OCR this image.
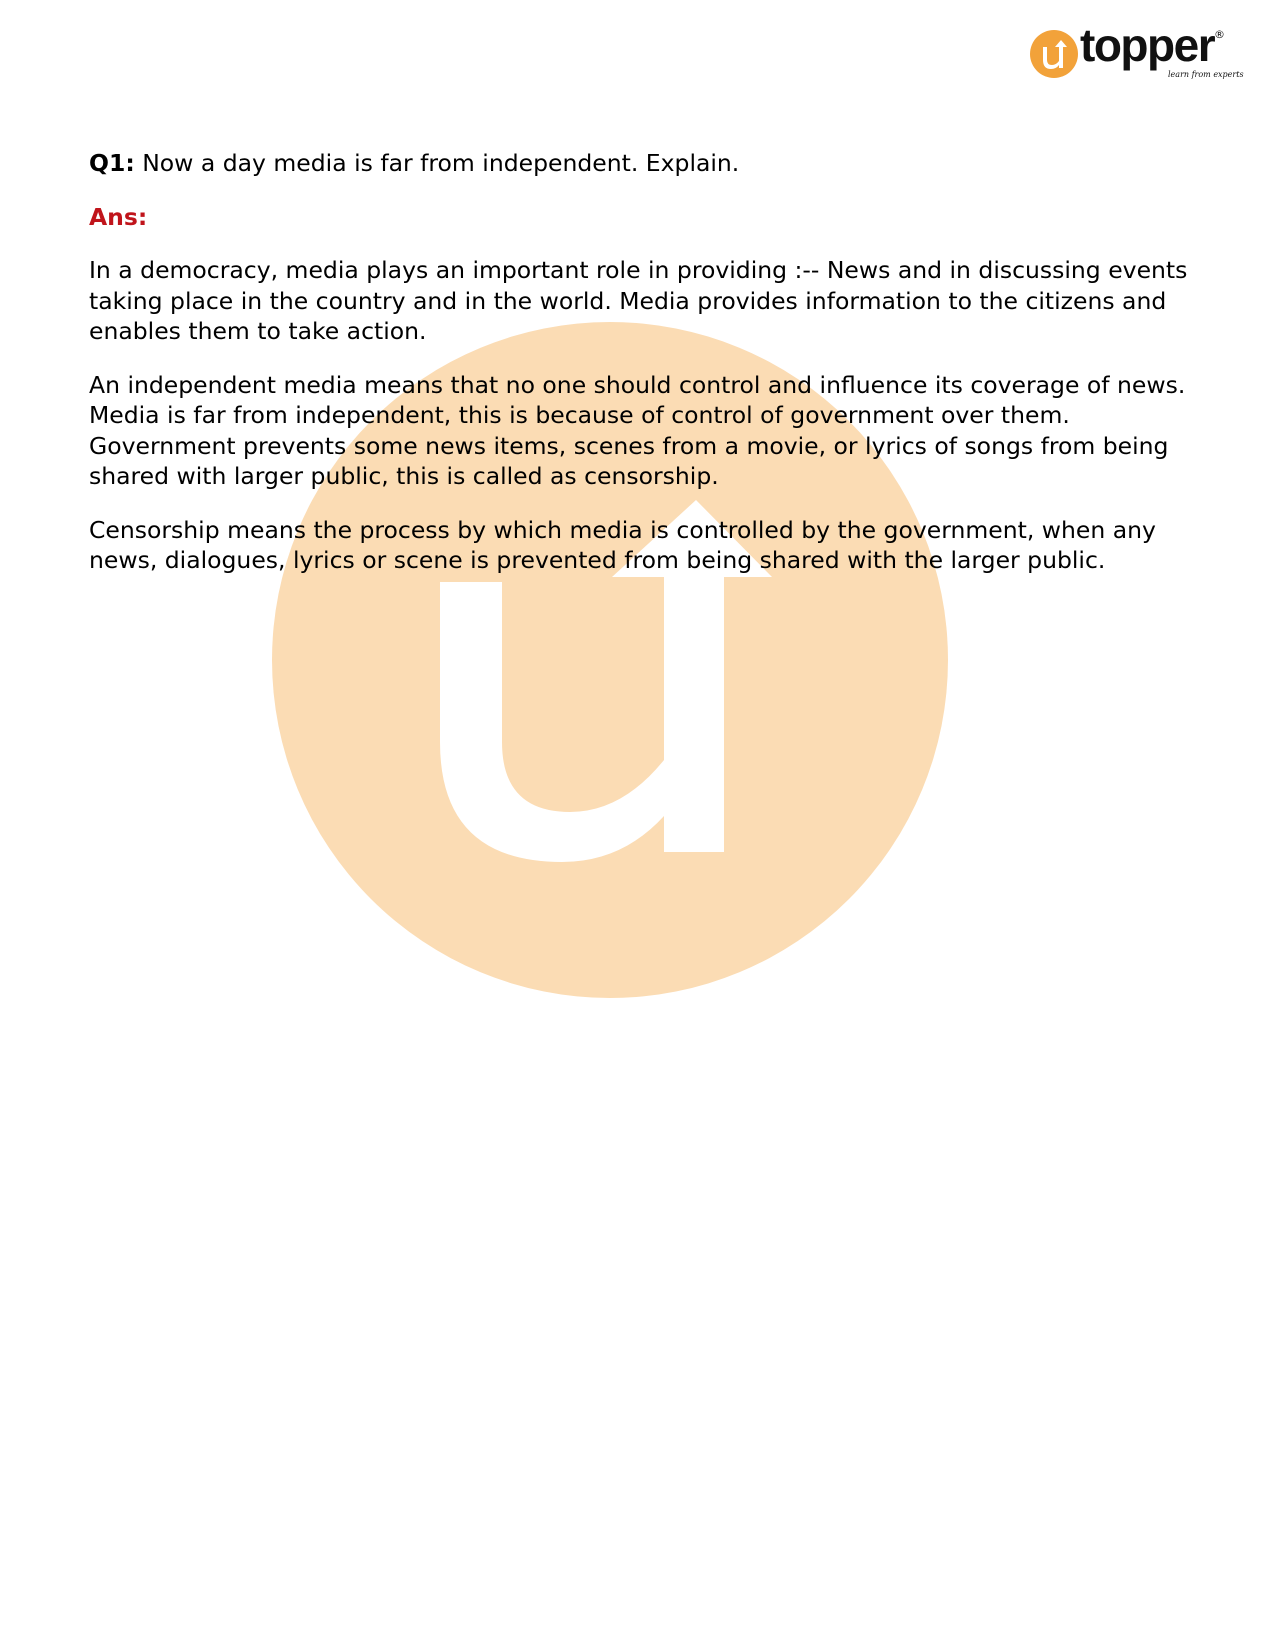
topper ®
learn from experts

Q1: Now a day media is far from independent. Explain.

Ans:

In a democracy, media plays an important role in providing :-- News and in discussing events taking place in the country and in the world. Media provides information to the citizens and enables them to take action.

An independent media means that no one should control and influence its coverage of news. Media is far from independent, this is because of control of government over them. Government prevents some news items, scenes from a movie, or lyrics of songs from being shared with larger public, this is called as censorship.

Censorship means the process by which media is controlled by the government, when any news, dialogues, lyrics or scene is prevented from being shared with the larger public.
